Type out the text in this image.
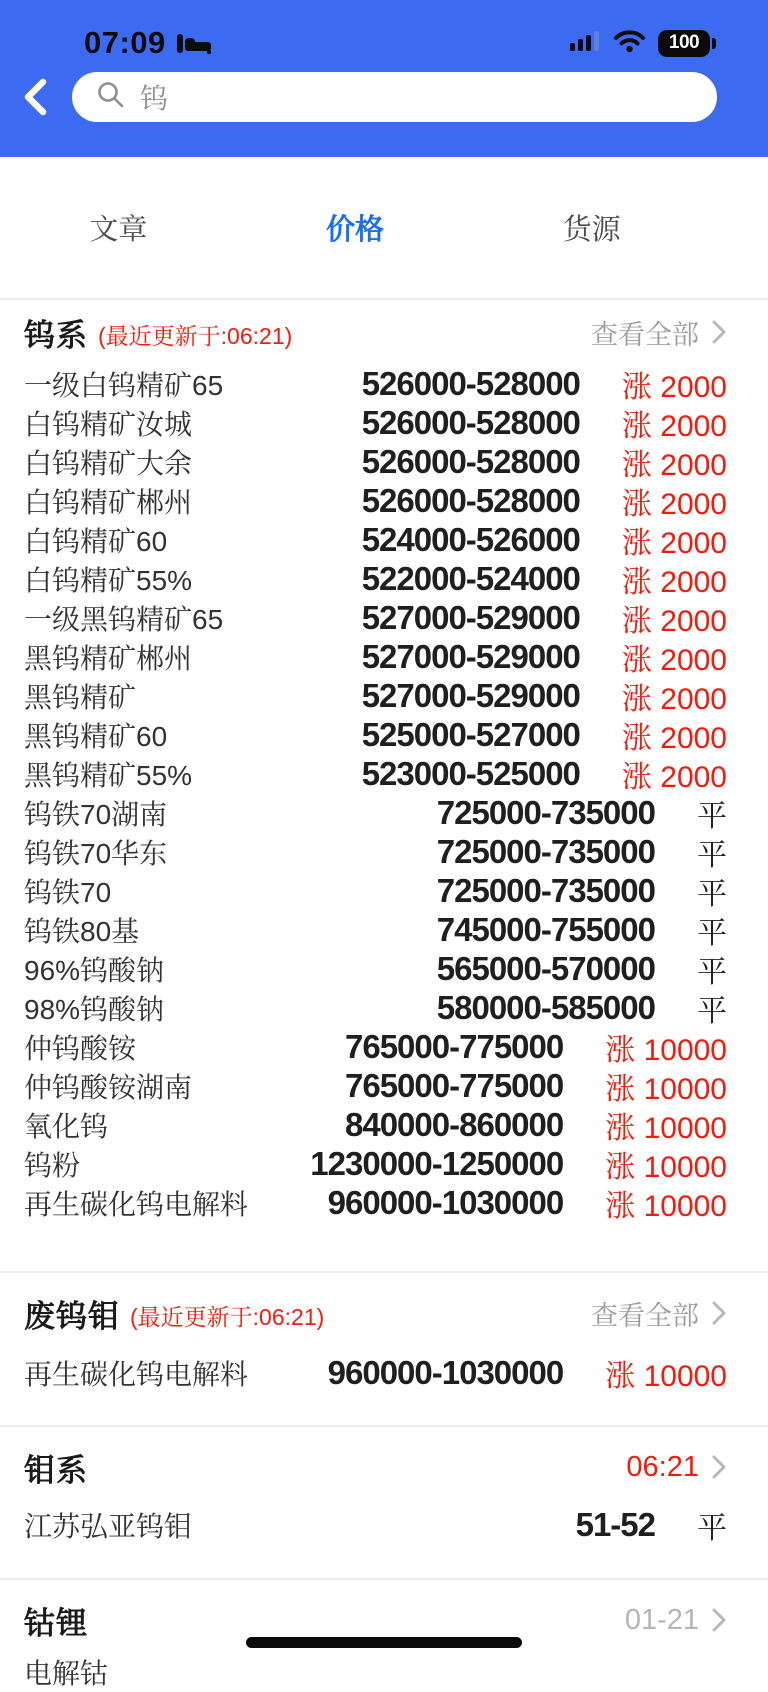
07:09	100
钨
文章	价格	货源
钨系 (最近更新于:06:21)	查看全部
一级白钨精矿65	526000-528000 涨 2000
白钨精矿汝城	526000-528000 涨 2000
白钨精矿大余	526000-528000 涨 2000
白钨精矿郴州	526000-528000 涨 2000
白钨精矿60	524000-526000 涨 2000
白钨精矿55%	522000-524000 涨 2000
一级黑钨精矿65	527000-529000 涨 2000
黑钨精矿郴州	527000-529000 涨 2000
黑钨精矿	527000-529000 涨 2000
黑钨精矿60	525000-527000 涨 2000
黑钨精矿55%	523000-525000 涨 2000
钨铁70湖南	725000-735000 平
钨铁70华东	725000-735000 平
钨铁70	725000-735000 平
钨铁80基	745000-755000 平
96%钨酸钠	565000-570000 平
98%钨酸钠	580000-585000 平
仲钨酸铵	765000-775000 涨 10000
仲钨酸铵湖南	765000-775000 涨 10000
氧化钨	840000-860000 涨 10000
钨粉	1230000-1250000 涨 10000
再生碳化钨电解料 960000-1030000 涨 10000
废钨钼 (最近更新于:06:21)	查看全部
再生碳化钨电解料 960000-1030000 涨 10000
钼系	06:21
江苏弘亚钨钼	51-52 平
钴锂	01-21
电解钴
